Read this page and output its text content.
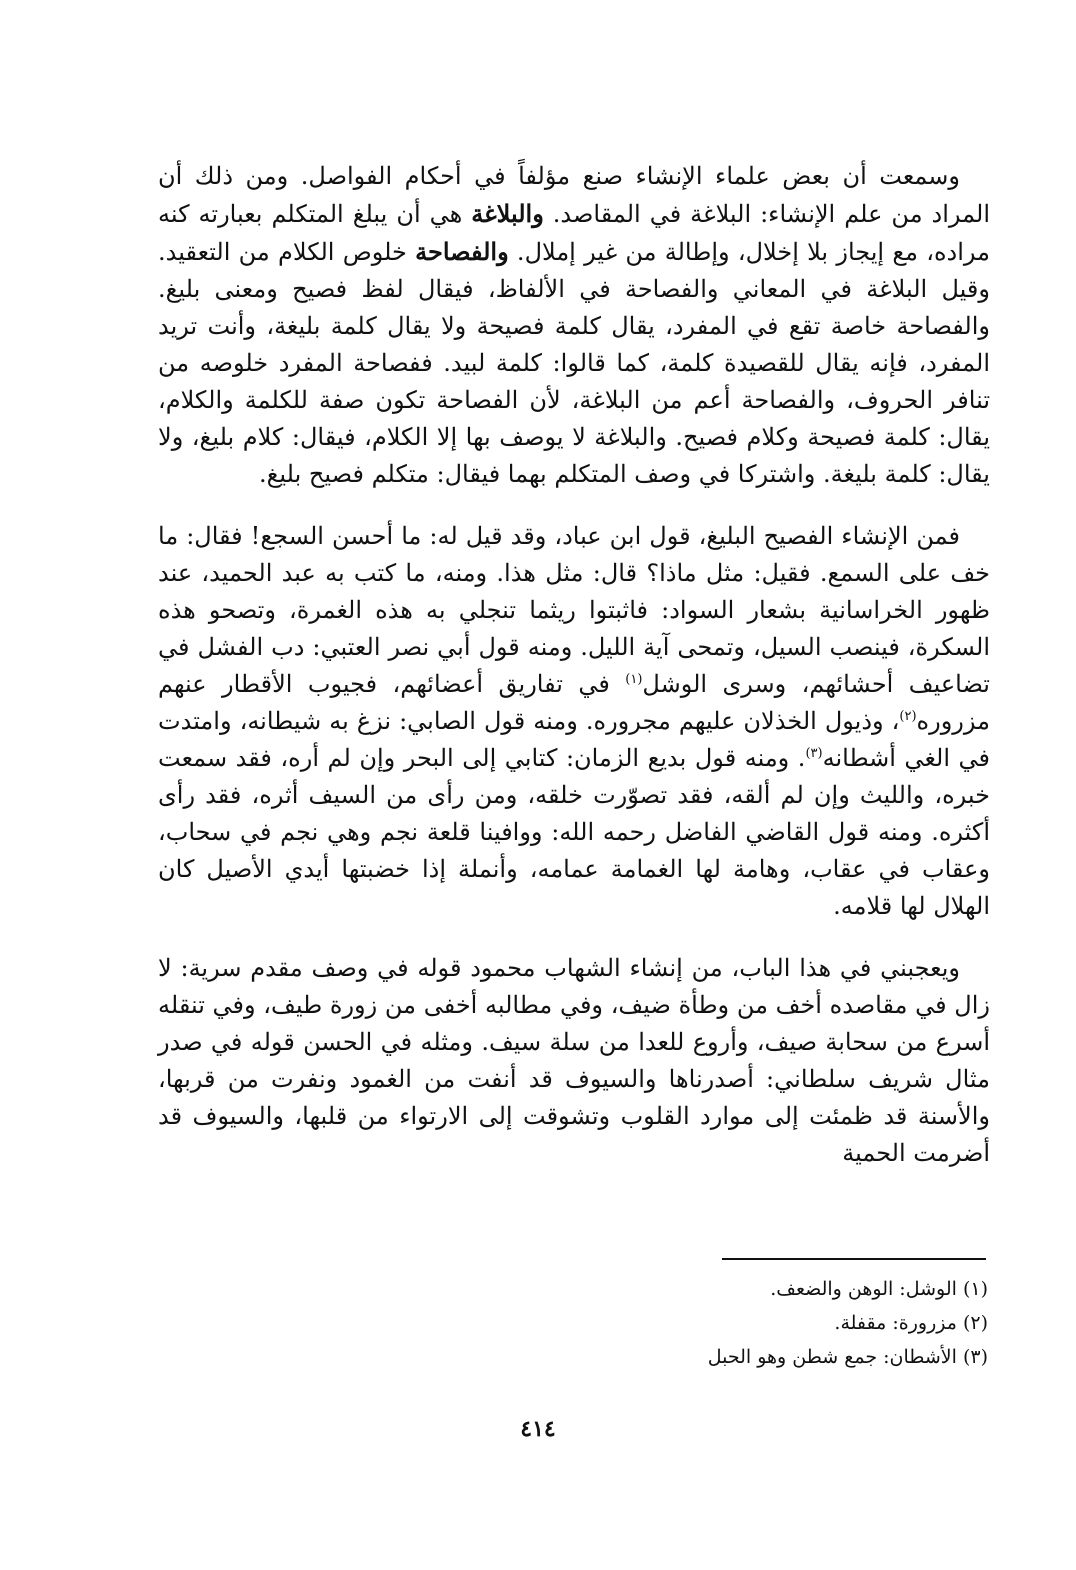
وسمعت أن بعض علماء الإنشاء صنع مؤلفاً في أحكام الفواصل. ومن ذلك أن المراد من علم الإنشاء: البلاغة في المقاصد. والبلاغة هي أن يبلغ المتكلم بعبارته كنه مراده، مع إيجاز بلا إخلال، وإطالة من غير إملال. والفصاحة خلوص الكلام من التعقيد. وقيل البلاغة في المعاني والفصاحة في الألفاظ، فيقال لفظ فصيح ومعنى بليغ. والفصاحة خاصة تقع في المفرد، يقال كلمة فصيحة ولا يقال كلمة بليغة، وأنت تريد المفرد، فإنه يقال للقصيدة كلمة، كما قالوا: كلمة لبيد. ففصاحة المفرد خلوصه من تنافر الحروف، والفصاحة أعم من البلاغة، لأن الفصاحة تكون صفة للكلمة والكلام، يقال: كلمة فصيحة وكلام فصيح. والبلاغة لا يوصف بها إلا الكلام، فيقال: كلام بليغ، ولا يقال: كلمة بليغة. واشتركا في وصف المتكلم بهما فيقال: متكلم فصيح بليغ.

فمن الإنشاء الفصيح البليغ، قول ابن عباد، وقد قيل له: ما أحسن السجع! فقال: ما خف على السمع. فقيل: مثل ماذا؟ قال: مثل هذا. ومنه، ما كتب به عبد الحميد، عند ظهور الخراسانية بشعار السواد: فاثبتوا ريثما تنجلي به هذه الغمرة، وتصحو هذه السكرة، فينصب السيل، وتمحى آية الليل. ومنه قول أبي نصر العتبي: دب الفشل في تضاعيف أحشائهم، وسرى الوشل$^{(١)}$ في تفاريق أعضائهم، فجيوب الأقطار عنهم مزروره$^{(٢)}$، وذيول الخذلان عليهم مجروره. ومنه قول الصابي: نزغ به شيطانه، وامتدت في الغي أشطانه$^{(٣)}$. ومنه قول بديع الزمان: كتابي إلى البحر وإن لم أره، فقد سمعت خبره، والليث وإن لم ألقه، فقد تصوّرت خلقه، ومن رأى من السيف أثره، فقد رأى أكثره. ومنه قول القاضي الفاضل رحمه الله: ووافينا قلعة نجم وهي نجم في سحاب، وعقاب في عقاب، وهامة لها الغمامة عمامه، وأنملة إذا خضبتها أيدي الأصيل كان الهلال لها قلامه.

ويعجبني في هذا الباب، من إنشاء الشهاب محمود قوله في وصف مقدم سرية: لا زال في مقاصده أخف من وطأة ضيف، وفي مطالبه أخفى من زورة طيف، وفي تنقله أسرع من سحابة صيف، وأروع للعدا من سلة سيف. ومثله في الحسن قوله في صدر مثال شريف سلطاني: أصدرناها والسيوف قد أنفت من الغمود ونفرت من قربها، والأسنة قد ظمئت إلى موارد القلوب وتشوقت إلى الارتواء من قلبها، والسيوف قد أضرمت الحمية

(١) الوشل: الوهن والضعف.

(٢) مزرورة: مقفلة.

(٣) الأشطان: جمع شطن وهو الحبل

٤١٤
